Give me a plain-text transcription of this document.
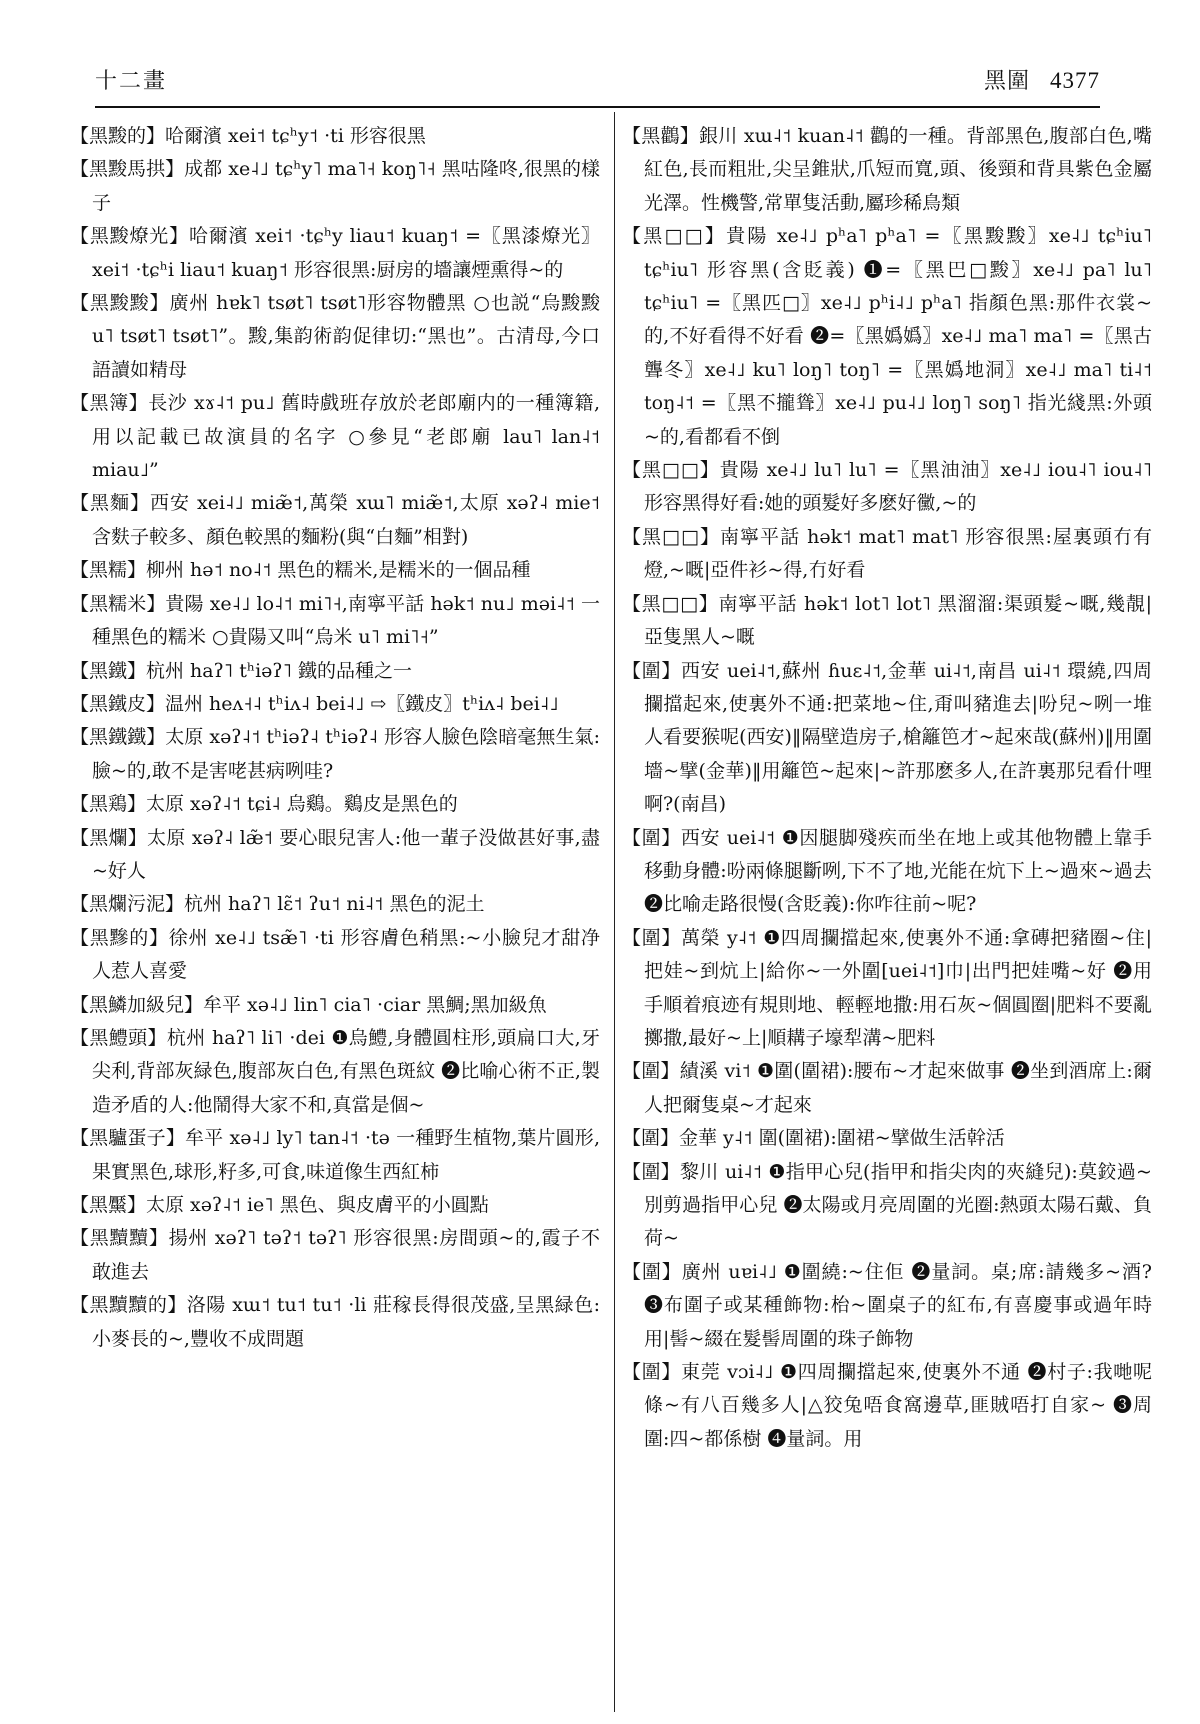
十二畫	黑圍 4377
【黑黢的】哈爾濱 xei˦ tɕʰy˦ ·ti 形容很黑
【黑黢馬拱】成都 xe˨˩ tɕʰy˥ ma˥˧ koŋ˥˧ 黑咕隆咚,很黑的樣子
【黑黢燎光】哈爾濱 xei˦ ·tɕʰy liau˦ kuaŋ˦ =〖黑漆燎光〗xei˦ ·tɕʰi liau˦ kuaŋ˦ 形容很黑:厨房的墻讓煙熏得~的
【黑黢黢】廣州 hɐk˥ tsøt˥ tsøt˥形容物體黑 ○也説“烏黢黢 u˥ tsøt˥ tsøt˥”。黢,集韵術韵促律切:“黑也”。古清母,今口語讀如精母
【黑簿】長沙 xɤ˨˦ pu˩ 舊時戲班存放於老郎廟内的一種簿籍,用以記載已故演員的名字 ○參見“老郎廟 lau˥ lan˨˦ miau˩”
【黑麵】西安 xei˨˩ miæ̃˦,萬榮 xɯ˥ miæ̃˦,太原 xəʔ˨ mie˦ 含麩子較多、顏色較黑的麵粉(與“白麵”相對)
【黑糯】柳州 hə˦ no˨˦ 黑色的糯米,是糯米的一個品種
【黑糯米】貴陽 xe˨˩ lo˨˦ mi˥˧,南寧平話 hək˦ nu˩ məi˨˦ 一種黑色的糯米 ○貴陽又叫“烏米 u˥ mi˥˧”
【黑鐵】杭州 haʔ˥ tʰiəʔ˥ 鐵的品種之一
【黑鐵皮】温州 heʌ˧˨ tʰiʌ˨ bei˨˩ ⇨〖鐵皮〗tʰiʌ˨ bei˨˩
【黑鐵鐵】太原 xəʔ˨˦ tʰiəʔ˨ tʰiəʔ˨ 形容人臉色陰暗毫無生氣:臉~的,敢不是害咾甚病咧哇?
【黑鶏】太原 xəʔ˨˦ tɕi˨ 烏鷄。鷄皮是黑色的
【黑爛】太原 xəʔ˨ læ̃˦ 要心眼兒害人:他一輩子没做甚好事,盡~好人
【黑爛污泥】杭州 haʔ˥ lɛ̃˦ ʔu˦ ni˨˦ 黑色的泥土
【黑黲的】徐州 xe˨˩ tsæ̃˥ ·ti 形容膚色稍黑:~小臉兒才甜净人惹人喜愛
【黑鱗加級兒】牟平 xə˨˩ lin˥ cia˥ ·ciar 黑鯛;黑加級魚
【黑鱧頭】杭州 haʔ˥ li˥ ·dei ❶烏鱧,身體圓柱形,頭扁口大,牙尖利,背部灰緑色,腹部灰白色,有黑色斑紋 ❷比喻心術不正,製造矛盾的人:他鬧得大家不和,真當是個~
【黑驢蛋子】牟平 xə˨˩ ly˥ tan˨˦ ·tə 一種野生植物,葉片圓形,果實黑色,球形,籽多,可食,味道像生西紅柿
【黑黶】太原 xəʔ˨˦ ie˥ 黑色、與皮膚平的小圓點
【黑黷黷】揚州 xəʔ˥ təʔ˦ təʔ˥ 形容很黑:房間頭~的,霞子不敢進去
【黑黷黷的】洛陽 xɯ˦ tu˦ tu˦ ·li 莊稼長得很茂盛,呈黑緑色:小麥長的~,豐收不成問題
【黑鸛】銀川 xɯ˨˦ kuan˨˦ 鸛的一種。背部黑色,腹部白色,嘴紅色,長而粗壯,尖呈錐狀,爪短而寬,頭、後頸和背具紫色金屬光澤。性機警,常單隻活動,屬珍稀鳥類
【黑□□】貴陽 xe˨˩ pʰa˥ pʰa˥ =〖黑黢黢〗xe˨˩ tɕʰiu˥ tɕʰiu˥ 形容黑(含貶義) ❶=〖黑巴□黢〗xe˨˩ pa˥ lu˥ tɕʰiu˥ =〖黑匹□〗xe˨˩ pʰi˨˩ pʰa˥ 指顏色黑:那件衣裳~的,不好看得不好看 ❷=〖黑嬀嬀〗xe˨˩ ma˥ ma˥ =〖黑古聾冬〗xe˨˩ ku˥ loŋ˥ toŋ˥ =〖黑嬀地洞〗xe˨˩ ma˥ ti˨˦ toŋ˨˦ =〖黑不攏聳〗xe˨˩ pu˨˩ loŋ˥ soŋ˥ 指光綫黑:外頭~的,看都看不倒
【黑□□】貴陽 xe˨˩ lu˥ lu˥ =〖黑油油〗xe˨˩ iou˨˥ iou˨˥ 形容黑得好看:她的頭髮好多麽好黴,~的
【黑□□】南寧平話 hək˦ mat˥ mat˥ 形容很黑:屋裏頭冇有燈,~嘅|亞件衫~得,冇好看
【黑□□】南寧平話 hək˦ lot˥ lot˥ 黑溜溜:渠頭髮~嘅,幾靚|亞隻黑人~嘅
【圍】西安 uei˨˦,蘇州 ɦuɛ˨˦,金華 ui˨˦,南昌 ui˨˦ 環繞,四周攔擋起來,使裏外不通:把菜地~住,甭叫豬進去|吩兒~咧一堆人看要猴呢(西安)‖隔壁造房子,槍籬笆才~起來哉(蘇州)‖用圍墻~擘(金華)‖用籬笆~起來|~許那麽多人,在許裏那兒看什哩啊?(南昌)
【圍】西安 uei˨˦ ❶因腿脚殘疾而坐在地上或其他物體上靠手移動身體:吩兩條腿斷咧,下不了地,光能在炕下上~過來~過去 ❷比喻走路很慢(含貶義):你咋往前~呢?
【圍】萬榮 y˨˦ ❶四周攔擋起來,使裏外不通:拿磚把豬圈~住|把娃~到炕上|給你~一外圍[uei˨˦]巾|出門把娃嘴~好 ❷用手順着痕迹有規則地、輕輕地撒:用石灰~個圓圈|肥料不要亂擲撒,最好~上|順耩子壕犁溝~肥料
【圍】績溪 vi˦ ❶圍(圍裙):腰布~才起來做事 ❷坐到酒席上:爾人把爾隻桌~才起來
【圍】金華 y˨˦ 圍(圍裙):圍裙~擘做生活幹活
【圍】黎川 ui˨˦ ❶指甲心兒(指甲和指尖肉的夾縫兒):莫鉸過~別剪過指甲心兒 ❷太陽或月亮周圍的光圈:熱頭太陽石戴、負荷~
【圍】廣州 uɐi˨˩ ❶圍繞:~住佢 ❷量詞。桌;席:請幾多~酒? ❸布圍子或某種飾物:枱~圍桌子的紅布,有喜慶事或過年時用|髻~綴在髮髻周圍的珠子飾物
【圍】東莞 vɔi˨˩ ❶四周攔擋起來,使裏外不通 ❷村子:我哋呢條~有八百幾多人|△狡兔唔食窩邊草,匪賊唔打自家~ ❸周圍:四~都係樹 ❹量詞。用
